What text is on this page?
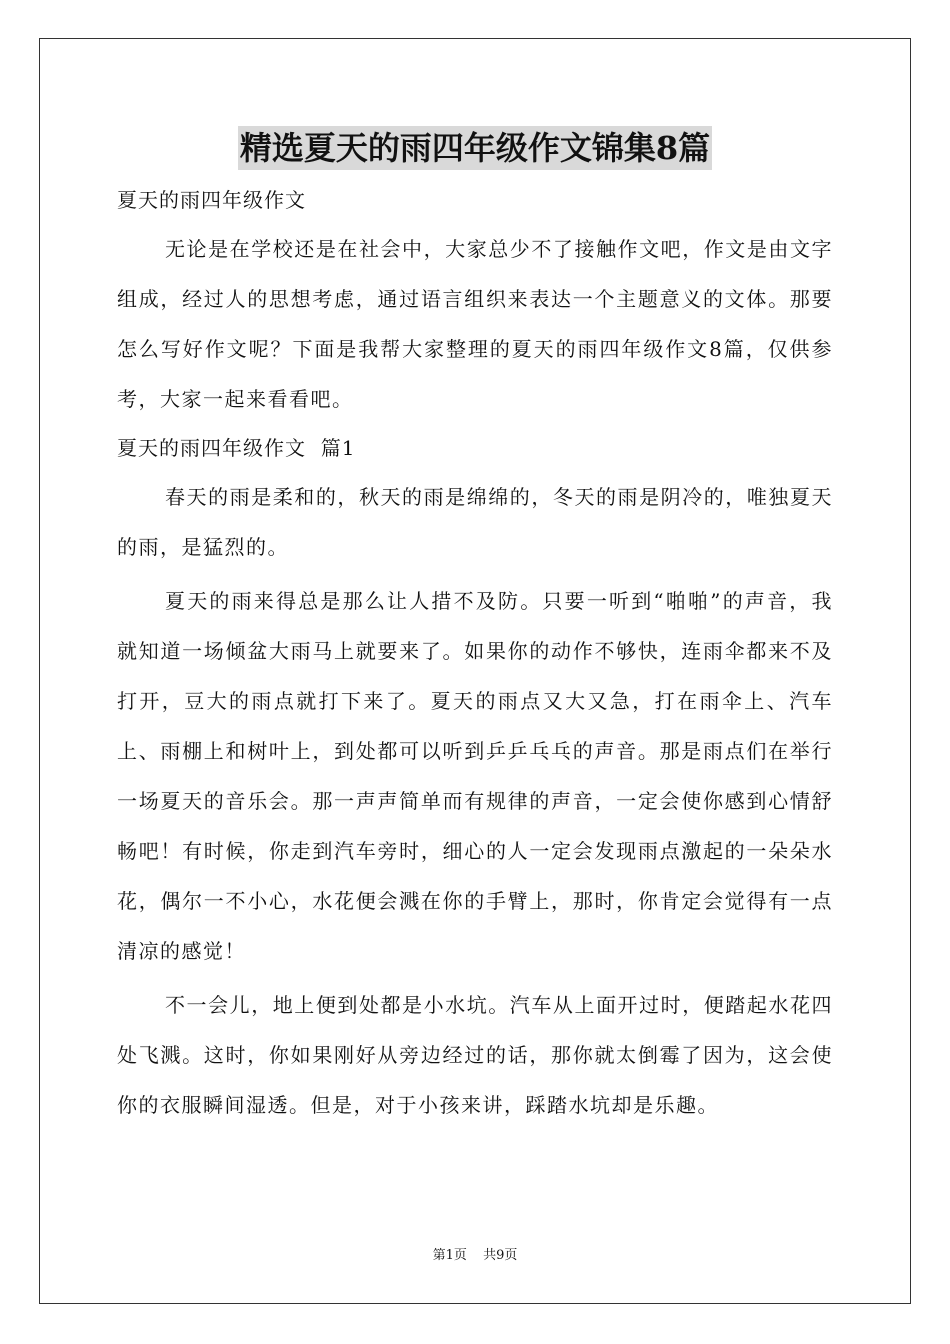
精选夏天的雨四年级作文锦集8篇

夏天的雨四年级作文

无论是在学校还是在社会中，大家总少不了接触作文吧，作文是由文字组成，经过人的思想考虑，通过语言组织来表达一个主题意义的文体。那要怎么写好作文呢？下面是我帮大家整理的夏天的雨四年级作文8篇，仅供参考，大家一起来看看吧。

夏天的雨四年级作文  篇1

春天的雨是柔和的，秋天的雨是绵绵的，冬天的雨是阴冷的，唯独夏天的雨，是猛烈的。

夏天的雨来得总是那么让人措不及防。只要一听到“啪啪”的声音，我就知道一场倾盆大雨马上就要来了。如果你的动作不够快，连雨伞都来不及打开，豆大的雨点就打下来了。夏天的雨点又大又急，打在雨伞上、汽车上、雨棚上和树叶上，到处都可以听到乒乒乓乓的声音。那是雨点们在举行一场夏天的音乐会。那一声声简单而有规律的声音，一定会使你感到心情舒畅吧！有时候，你走到汽车旁时，细心的人一定会发现雨点激起的一朵朵水花，偶尔一不小心，水花便会溅在你的手臂上，那时，你肯定会觉得有一点清凉的感觉！

不一会儿，地上便到处都是小水坑。汽车从上面开过时，便踏起水花四处飞溅。这时，你如果刚好从旁边经过的话，那你就太倒霉了因为，这会使你的衣服瞬间湿透。但是，对于小孩来讲，踩踏水坑却是乐趣。

第1页 共9页
